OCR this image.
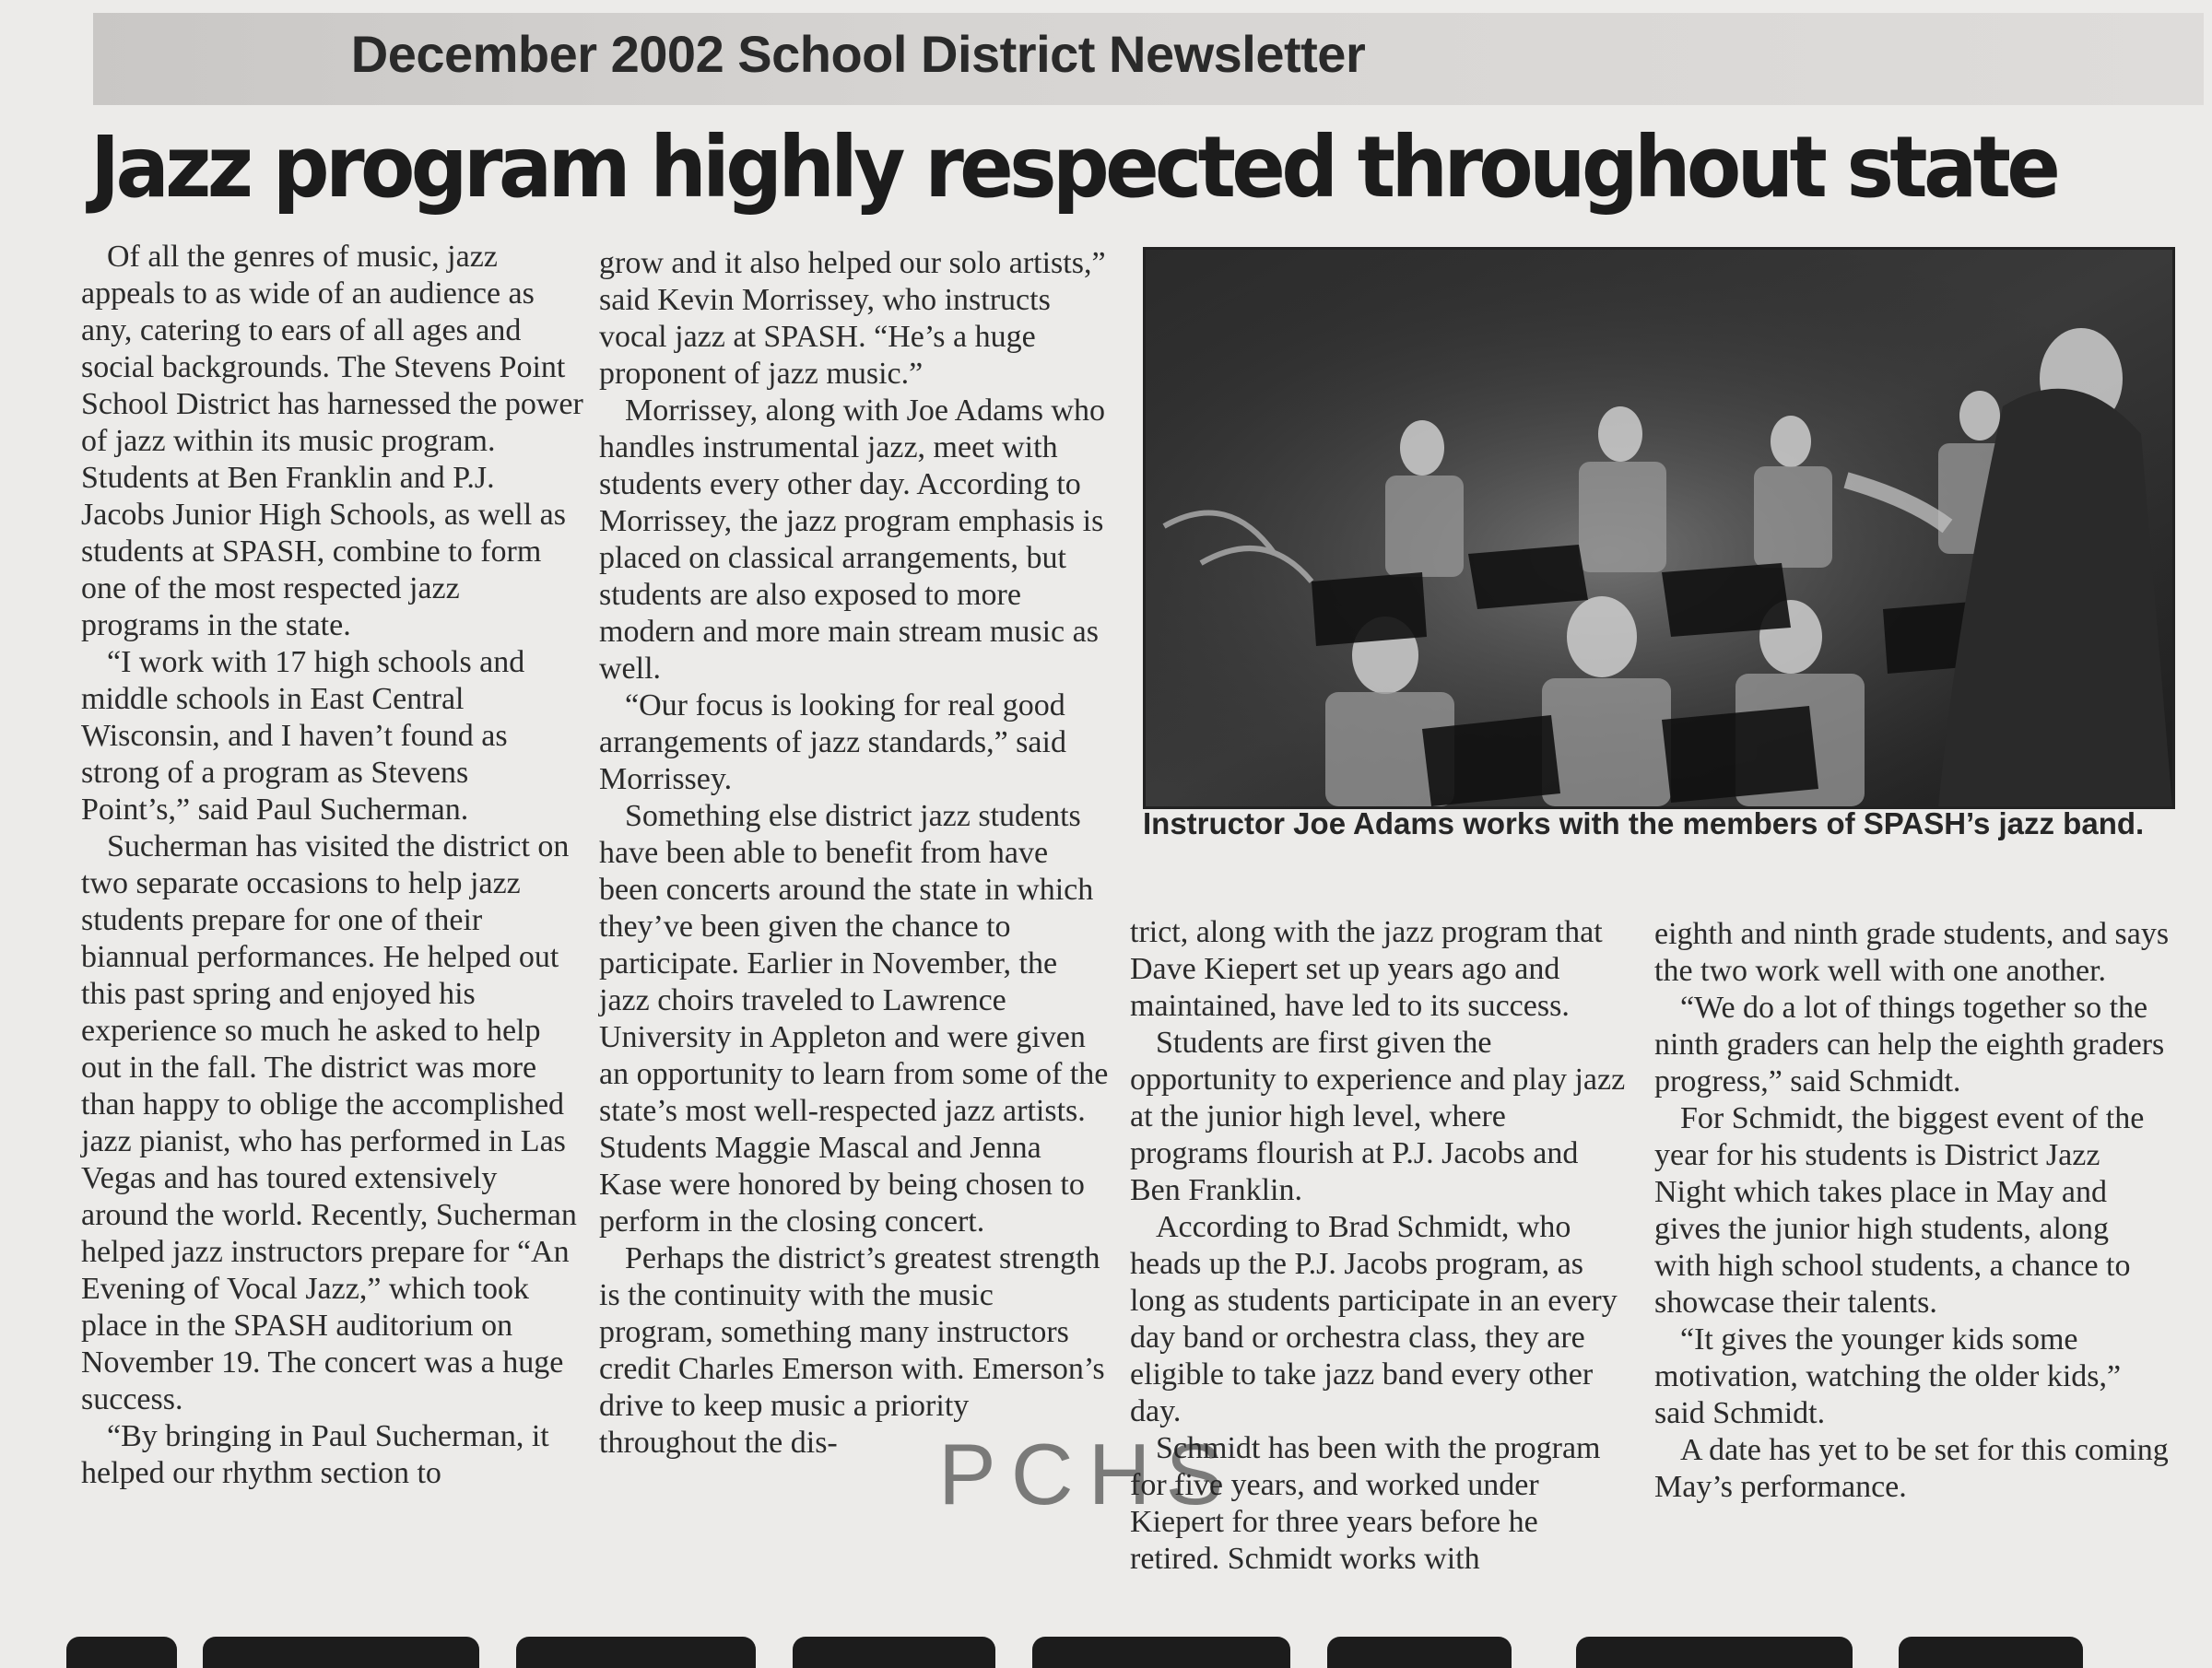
December 2002 School District Newsletter
Jazz program highly respected throughout state

Of all the genres of music, jazz appeals to as wide of an audience as any, catering to ears of all ages and social backgrounds. The Stevens Point School District has harnessed the power of jazz within its music program. Students at Ben Franklin and P.J. Jacobs Junior High Schools, as well as students at SPASH, combine to form one of the most respected jazz programs in the state.

“I work with 17 high schools and middle schools in East Central Wisconsin, and I haven’t found as strong of a program as Stevens Point’s,” said Paul Sucherman.

Sucherman has visited the district on two separate occasions to help jazz students prepare for one of their biannual performances. He helped out this past spring and enjoyed his experience so much he asked to help out in the fall. The district was more than happy to oblige the accomplished jazz pianist, who has performed in Las Vegas and has toured extensively around the world. Recently, Sucherman helped jazz instructors prepare for “An Evening of Vocal Jazz,” which took place in the SPASH auditorium on November 19. The concert was a huge success.

“By bringing in Paul Sucherman, it helped our rhythm section to

grow and it also helped our solo artists,” said Kevin Morrissey, who instructs vocal jazz at SPASH. “He’s a huge proponent of jazz music.”

Morrissey, along with Joe Adams who handles instrumental jazz, meet with students every other day. According to Morrissey, the jazz program emphasis is placed on classical arrangements, but students are also exposed to more modern and more main stream music as well.

“Our focus is looking for real good arrangements of jazz standards,” said Morrissey.

Something else district jazz students have been able to benefit from have been concerts around the state in which they’ve been given the chance to participate. Earlier in November, the jazz choirs traveled to Lawrence University in Appleton and were given an opportunity to learn from some of the state’s most well-respected jazz artists. Students Maggie Mascal and Jenna Kase were honored by being chosen to perform in the closing concert.

Perhaps the district’s greatest strength is the continuity with the music program, something many instructors credit Charles Emerson with. Emerson’s drive to keep music a priority throughout the dis-

Instructor Joe Adams works with the members of SPASH’s jazz band.

trict, along with the jazz program that Dave Kiepert set up years ago and maintained, have led to its success.

Students are first given the opportunity to experience and play jazz at the junior high level, where programs flourish at P.J. Jacobs and Ben Franklin.

According to Brad Schmidt, who heads up the P.J. Jacobs program, as long as students participate in an every day band or orchestra class, they are eligible to take jazz band every other day.

Schmidt has been with the program for five years, and worked under Kiepert for three years before he retired. Schmidt works with

eighth and ninth grade students, and says the two work well with one another.

“We do a lot of things together so the ninth graders can help the eighth graders progress,” said Schmidt.

For Schmidt, the biggest event of the year for his students is District Jazz Night which takes place in May and gives the junior high students, along with high school students, a chance to showcase their talents.

“It gives the younger kids some motivation, watching the older kids,” said Schmidt.

A date has yet to be set for this coming May’s performance.

PCHS
